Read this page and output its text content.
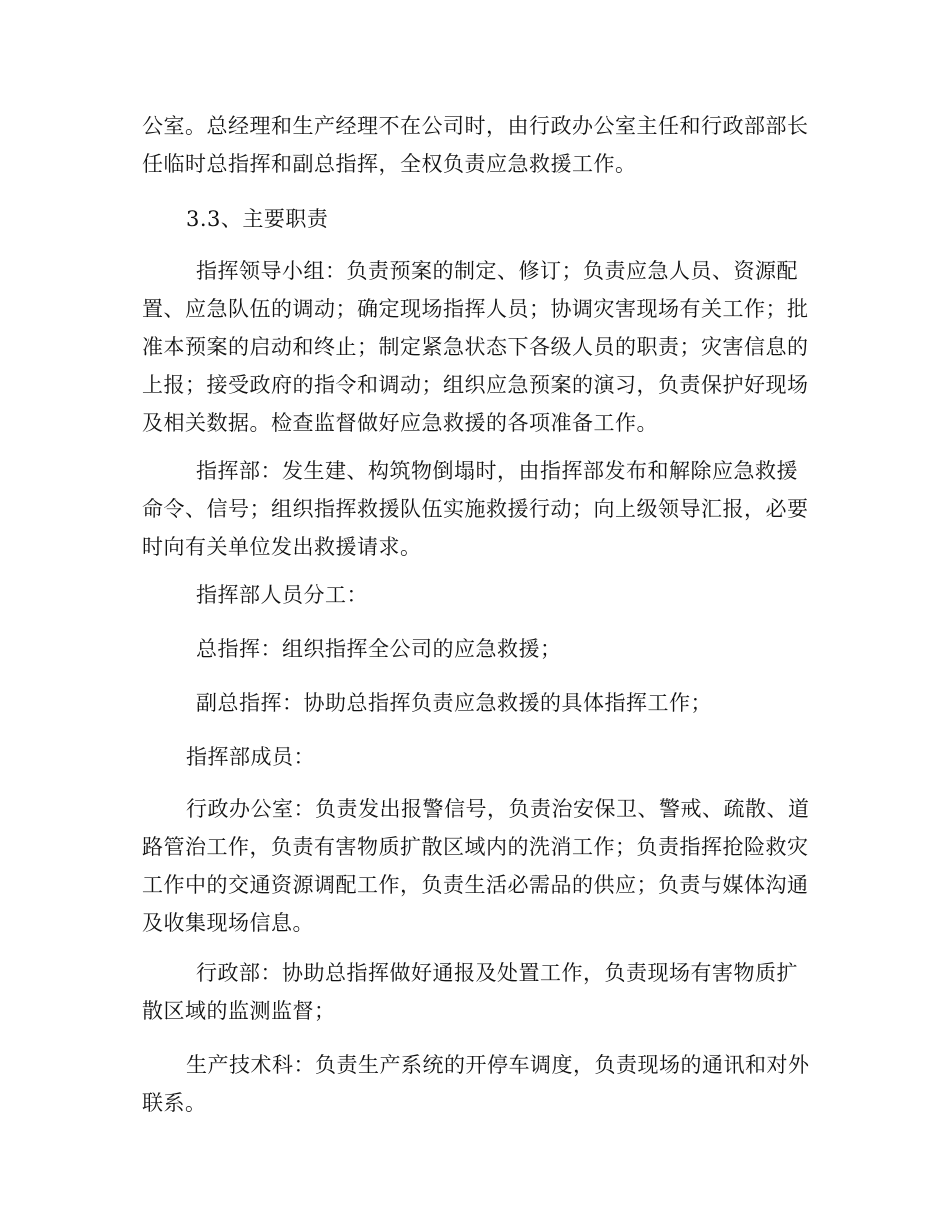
公室。总经理和生产经理不在公司时，由行政办公室主任和行政部部长任临时总指挥和副总指挥，全权负责应急救援工作。

3.3、主要职责

指挥领导小组：负责预案的制定、修订；负责应急人员、资源配置、应急队伍的调动；确定现场指挥人员；协调灾害现场有关工作；批准本预案的启动和终止；制定紧急状态下各级人员的职责；灾害信息的上报；接受政府的指令和调动；组织应急预案的演习，负责保护好现场及相关数据。检查监督做好应急救援的各项准备工作。

指挥部：发生建、构筑物倒塌时，由指挥部发布和解除应急救援命令、信号；组织指挥救援队伍实施救援行动；向上级领导汇报，必要时向有关单位发出救援请求。

指挥部人员分工：

总指挥：组织指挥全公司的应急救援；

副总指挥：协助总指挥负责应急救援的具体指挥工作；

指挥部成员：

行政办公室：负责发出报警信号，负责治安保卫、警戒、疏散、道路管治工作，负责有害物质扩散区域内的洗消工作；负责指挥抢险救灾工作中的交通资源调配工作，负责生活必需品的供应；负责与媒体沟通及收集现场信息。

行政部：协助总指挥做好通报及处置工作，负责现场有害物质扩散区域的监测监督；

生产技术科：负责生产系统的开停车调度，负责现场的通讯和对外联系。
